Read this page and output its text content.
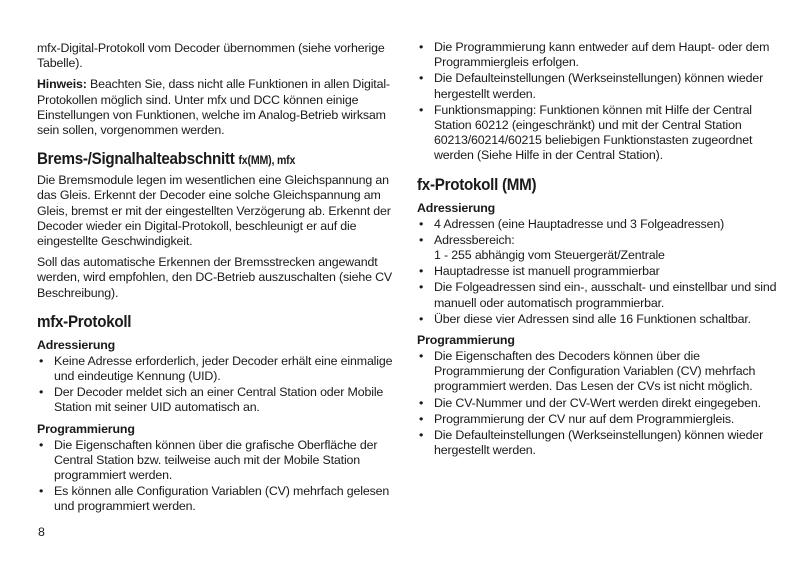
mfx-Digital-Protokoll vom Decoder übernommen (siehe vorherige Tabelle).

Hinweis: Beachten Sie, dass nicht alle Funktionen in allen Digital-Protokollen möglich sind. Unter mfx und DCC können einige Einstellungen von Funktionen, welche im Analog-Betrieb wirksam sein sollen, vorgenommen werden.

Brems-/Signalhalteabschnitt fx(MM), mfx

Die Bremsmodule legen im wesentlichen eine Gleichspannung an das Gleis. Erkennt der Decoder eine solche Gleichspannung am Gleis, bremst er mit der eingestellten Verzögerung ab. Erkennt der Decoder wieder ein Digital-Protokoll, beschleunigt er auf die eingestellte Geschwindigkeit.

Soll das automatische Erkennen der Bremsstrecken angewandt werden, wird empfohlen, den DC-Betrieb auszuschalten (siehe CV Beschreibung).

mfx-Protokoll
Adressierung
• Keine Adresse erforderlich, jeder Decoder erhält eine einmalige und eindeutige Kennung (UID).
• Der Decoder meldet sich an einer Central Station oder Mobile Station mit seiner UID automatisch an.
Programmierung
• Die Eigenschaften können über die grafische Oberfläche der Central Station bzw. teilweise auch mit der Mobile Station programmiert werden.
• Es können alle Configuration Variablen (CV) mehrfach gelesen und programmiert werden.
8
• Die Programmierung kann entweder auf dem Haupt- oder dem Programmiergleis erfolgen.
• Die Defaulteinstellungen (Werkseinstellungen) können wieder hergestellt werden.
• Funktionsmapping: Funktionen können mit Hilfe der Central Station 60212 (eingeschränkt) und mit der Central Station 60213/60214/60215 beliebigen Funktionstasten zugeordnet werden (Siehe Hilfe in der Central Station).
fx-Protokoll (MM)
Adressierung
• 4 Adressen (eine Hauptadresse und 3 Folgeadressen)
• Adressbereich:
1 - 255 abhängig vom Steuergerät/Zentrale
• Hauptadresse ist manuell programmierbar
• Die Folgeadressen sind ein-, ausschalt- und einstellbar und sind manuell oder automatisch programmierbar.
• Über diese vier Adressen sind alle 16 Funktionen schaltbar.
Programmierung
• Die Eigenschaften des Decoders können über die Programmierung der Configuration Variablen (CV) mehrfach programmiert werden. Das Lesen der CVs ist nicht möglich.
• Die CV-Nummer und der CV-Wert werden direkt eingegeben.
• Programmierung der CV nur auf dem Programmiergleis.
• Die Defaulteinstellungen (Werkseinstellungen) können wieder hergestellt werden.
